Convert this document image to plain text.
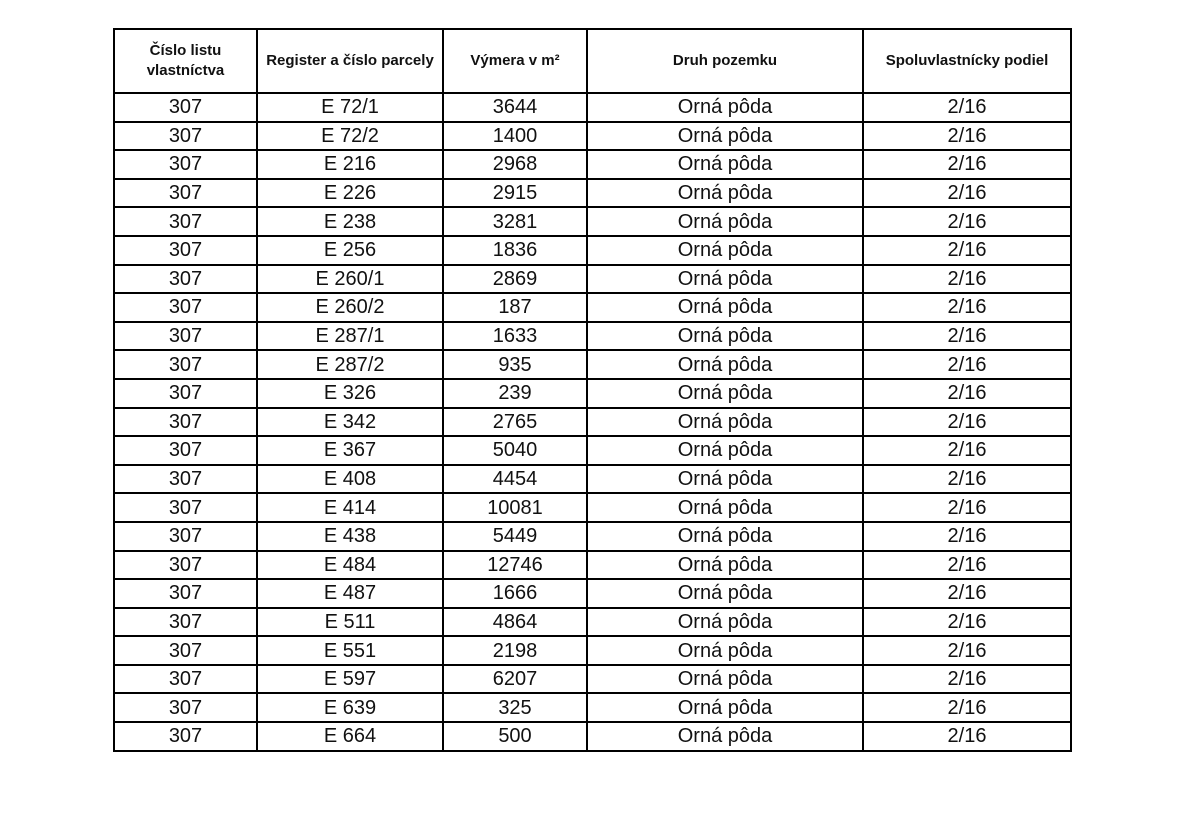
Číslo listu vlastníctva	Register a číslo parcely	Výmera v m²	Druh pozemku	Spoluvlastnícky podiel
307	E 72/1	3644	Orná pôda	2/16
307	E 72/2	1400	Orná pôda	2/16
307	E 216	2968	Orná pôda	2/16
307	E 226	2915	Orná pôda	2/16
307	E 238	3281	Orná pôda	2/16
307	E 256	1836	Orná pôda	2/16
307	E 260/1	2869	Orná pôda	2/16
307	E 260/2	187	Orná pôda	2/16
307	E 287/1	1633	Orná pôda	2/16
307	E 287/2	935	Orná pôda	2/16
307	E 326	239	Orná pôda	2/16
307	E 342	2765	Orná pôda	2/16
307	E 367	5040	Orná pôda	2/16
307	E 408	4454	Orná pôda	2/16
307	E 414	10081	Orná pôda	2/16
307	E 438	5449	Orná pôda	2/16
307	E 484	12746	Orná pôda	2/16
307	E 487	1666	Orná pôda	2/16
307	E 511	4864	Orná pôda	2/16
307	E 551	2198	Orná pôda	2/16
307	E 597	6207	Orná pôda	2/16
307	E 639	325	Orná pôda	2/16
307	E 664	500	Orná pôda	2/16
